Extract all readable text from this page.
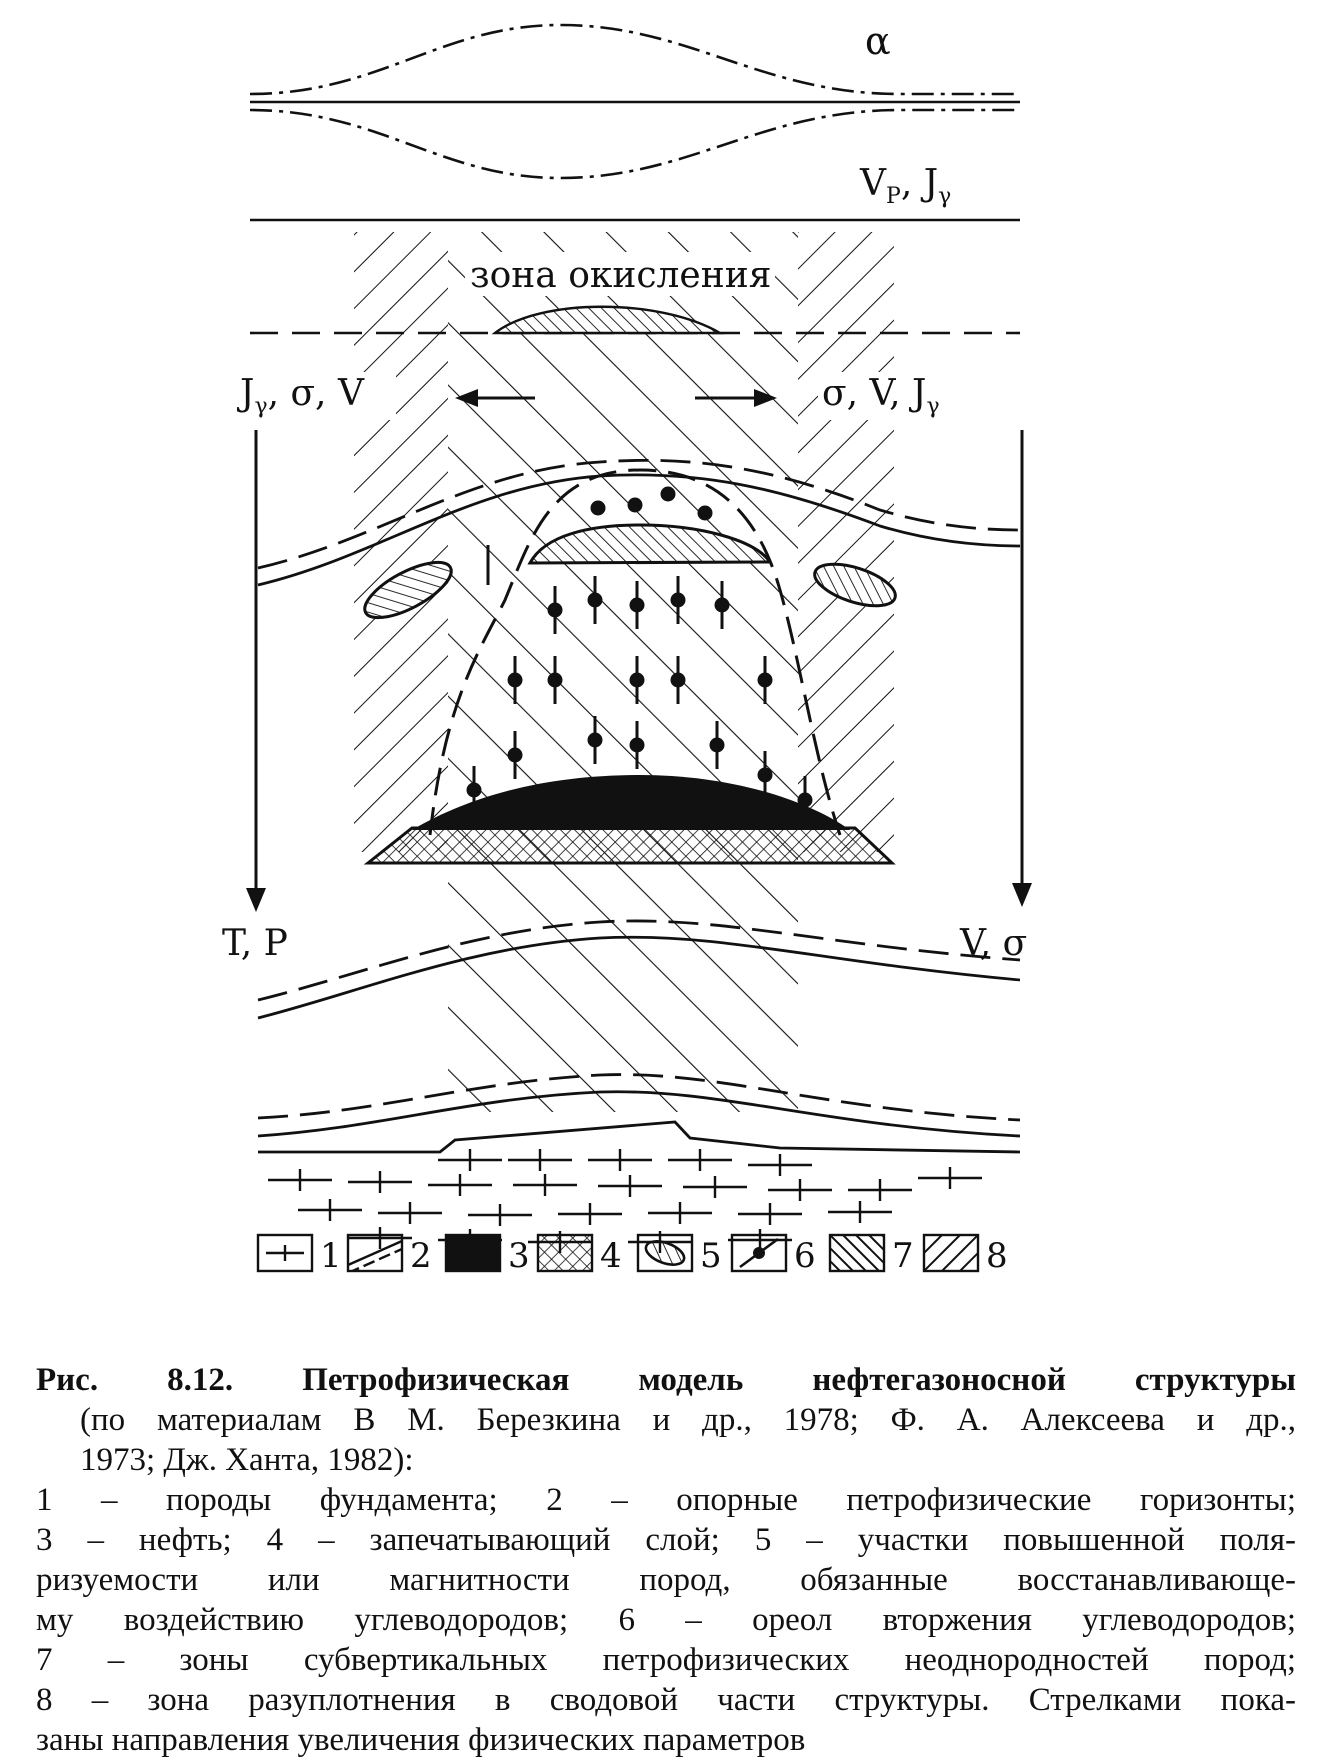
α
$V_P$, $J_\gamma$
зона окисления
$J_\gamma$, σ, V	σ, V, $J_\gamma$
T, P	V, σ
1 2 3 4 5 6 7 8
Рис. 8.12. Петрофизическая модель нефтегазоносной структуры
(по материалам В М. Березкина и др., 1978; Ф. А. Алексеева и др.,
1973; Дж. Ханта, 1982):
1 – породы фундамента; 2 – опорные петрофизические горизонты;
3 – нефть; 4 – запечатывающий слой; 5 – участки повышенной поля-
ризуемости или магнитности пород, обязанные восстанавливающе-
му воздействию углеводородов; 6 – ореол вторжения углеводородов;
7 – зоны субвертикальных петрофизических неоднородностей пород;
8 – зона разуплотнения в сводовой части структуры. Стрелками пока-
заны направления увеличения физических параметров
